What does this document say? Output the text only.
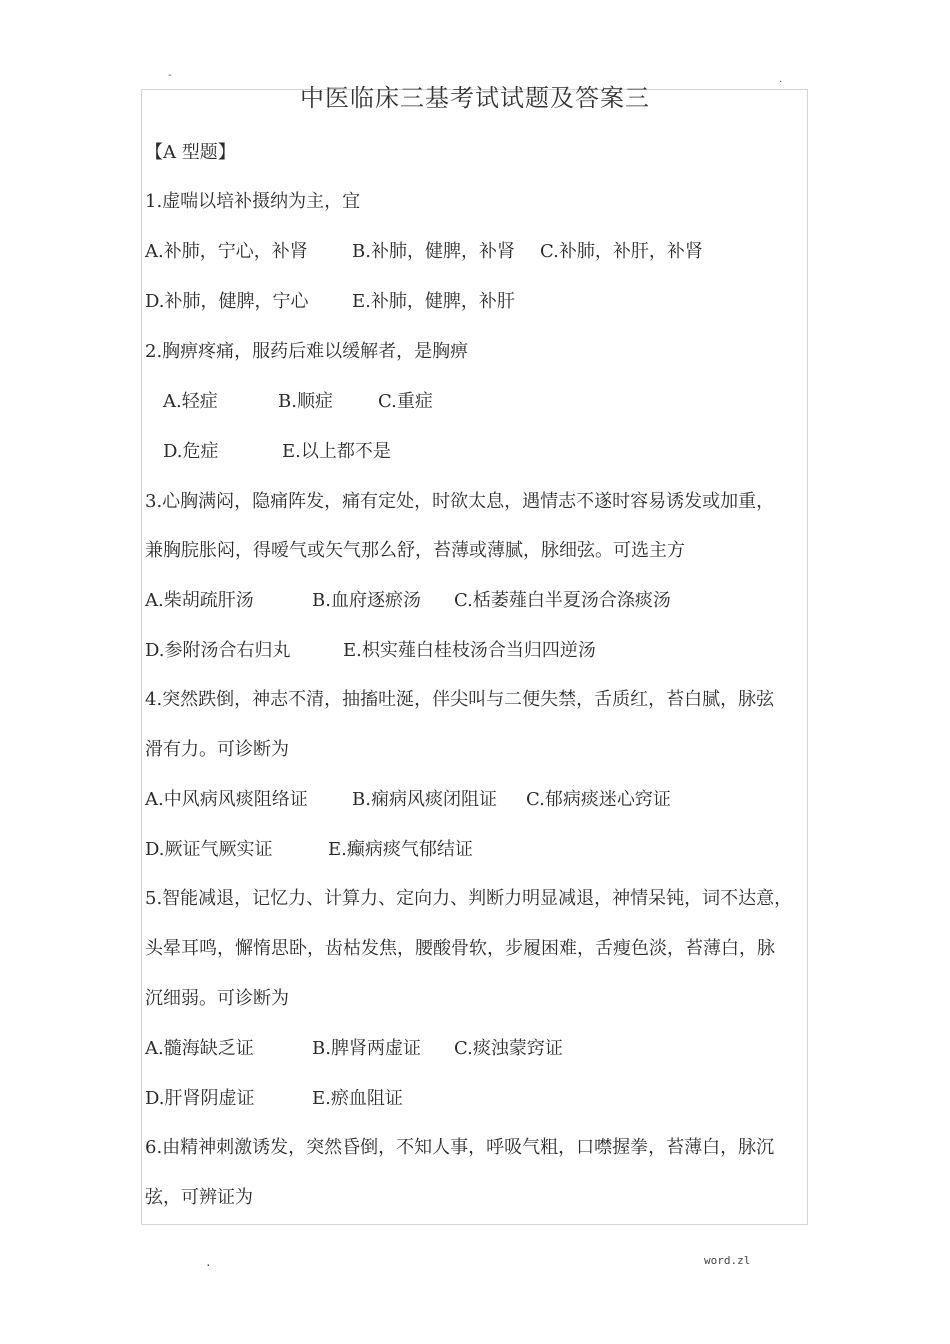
-	.
中医临床三基考试试题及答案三
【A 型题】
1.虚喘以培补摄纳为主，宜
A.补肺，宁心，补肾 B.补肺，健脾，补肾 C.补肺，补肝，补肾
D.补肺，健脾，宁心 E.补肺，健脾，补肝
2.胸痹疼痛，服药后难以缓解者，是胸痹
A.轻症	B.顺症	C.重症
D.危症	E.以上都不是
3.心胸满闷，隐痛阵发，痛有定处，时欲太息，遇情志不遂时容易诱发或加重，
兼胸脘胀闷，得嗳气或矢气那么舒，苔薄或薄腻，脉细弦。可选主方
A.柴胡疏肝汤	B.血府逐瘀汤 C.栝萎薤白半夏汤合涤痰汤
D.参附汤合右归丸	E.枳实薤白桂枝汤合当归四逆汤
4.突然跌倒，神志不清，抽搐吐涎，伴尖叫与二便失禁，舌质红，苔白腻，脉弦
滑有力。可诊断为
A.中风病风痰阻络证 B.痫病风痰闭阻证 C.郁病痰迷心窍证
D.厥证气厥实证	E.癫病痰气郁结证
5.智能减退，记忆力、计算力、定向力、判断力明显减退，神情呆钝，词不达意，
头晕耳鸣，懈惰思卧，齿枯发焦，腰酸骨软，步履困难，舌瘦色淡，苔薄白，脉
沉细弱。可诊断为
A.髓海缺乏证	B.脾肾两虚证 C.痰浊蒙窍证
D.肝肾阴虚证	E.瘀血阻证
6.由精神刺激诱发，突然昏倒，不知人事，呼吸气粗，口噤握拳，苔薄白，脉沉
弦，可辨证为
.	word.zl
